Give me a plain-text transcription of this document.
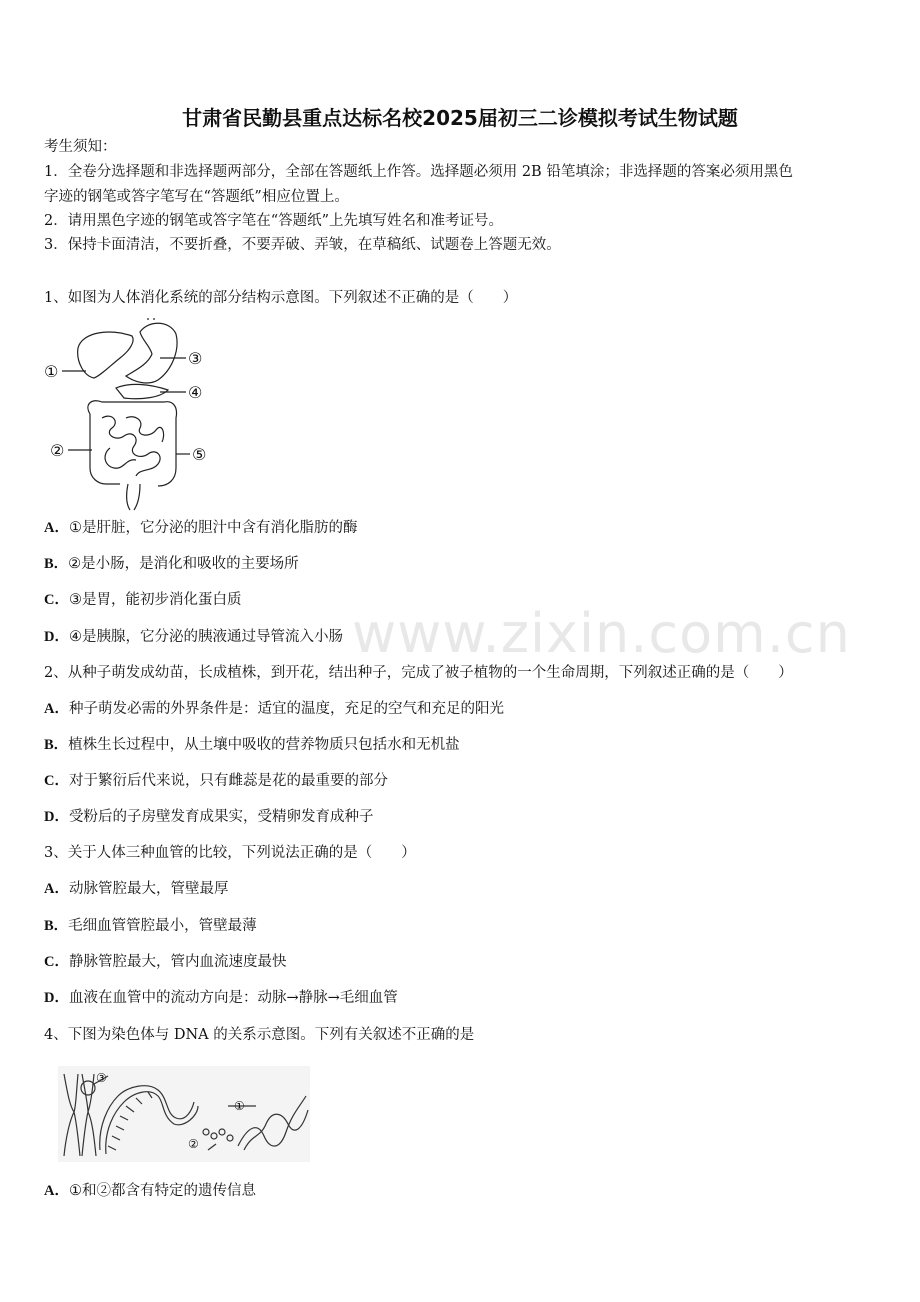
甘肃省民勤县重点达标名校2025届初三二诊模拟考试生物试题
考生须知：
1．全卷分选择题和非选择题两部分，全部在答题纸上作答。选择题必须用 2B 铅笔填涂；非选择题的答案必须用黑色
字迹的钢笔或答字笔写在“答题纸”相应位置上。
2．请用黑色字迹的钢笔或答字笔在“答题纸”上先填写姓名和准考证号。
3．保持卡面清洁，不要折叠，不要弄破、弄皱，在草稿纸、试题卷上答题无效。
1、如图为人体消化系统的部分结构示意图。下列叙述不正确的是（　　）
①
②
③
④
⑤
A．①是肝脏，它分泌的胆汁中含有消化脂肪的酶
B．②是小肠，是消化和吸收的主要场所
C．③是胃，能初步消化蛋白质
D．④是胰腺，它分泌的胰液通过导管流入小肠
2、从种子萌发成幼苗，长成植株，到开花，结出种子，完成了被子植物的一个生命周期，下列叙述正确的是（　　）
A．种子萌发必需的外界条件是：适宜的温度，充足的空气和充足的阳光
B．植株生长过程中，从土壤中吸收的营养物质只包括水和无机盐
C．对于繁衍后代来说，只有雌蕊是花的最重要的部分
D．受粉后的子房壁发育成果实，受精卵发育成种子
3、关于人体三种血管的比较，下列说法正确的是（　　）
A．动脉管腔最大，管壁最厚
B．毛细血管管腔最小，管壁最薄
C．静脉管腔最大，管内血流速度最快
D．血液在血管中的流动方向是：动脉→静脉→毛细血管
4、下图为染色体与 DNA 的关系示意图。下列有关叙述不正确的是
③
①
②
A．①和②都含有特定的遗传信息
www.zixin.com.cn
